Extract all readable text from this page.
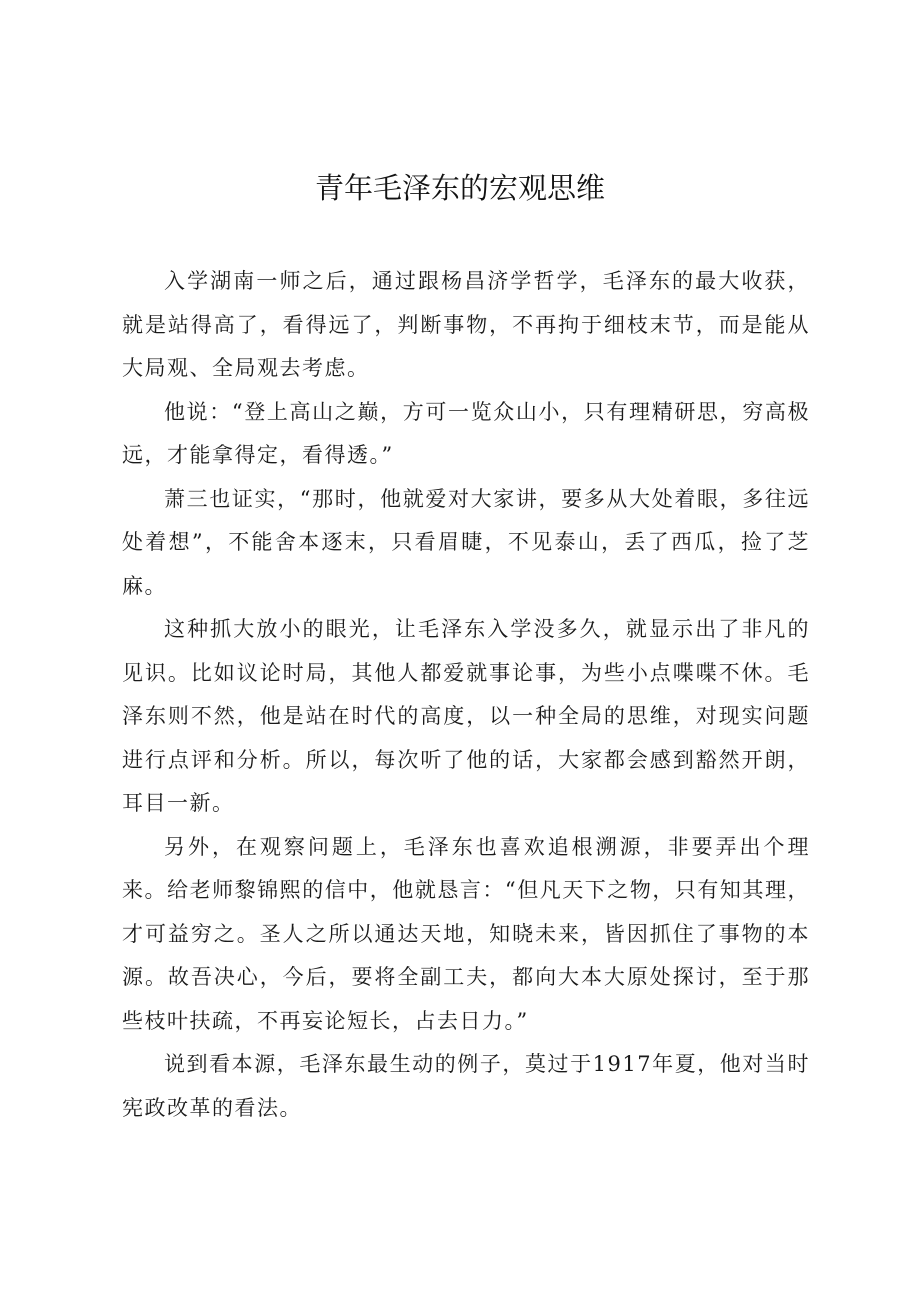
青年毛泽东的宏观思维

入学湖南一师之后，通过跟杨昌济学哲学，毛泽东的最大收获，就是站得高了，看得远了，判断事物，不再拘于细枝末节，而是能从大局观、全局观去考虑。

他说：“登上高山之巅，方可一览众山小，只有理精研思，穷高极远，才能拿得定，看得透。”

萧三也证实，“那时，他就爱对大家讲，要多从大处着眼，多往远处着想”，不能舍本逐末，只看眉睫，不见泰山，丢了西瓜，捡了芝麻。

这种抓大放小的眼光，让毛泽东入学没多久，就显示出了非凡的见识。比如议论时局，其他人都爱就事论事，为些小点喋喋不休。毛泽东则不然，他是站在时代的高度，以一种全局的思维，对现实问题进行点评和分析。所以，每次听了他的话，大家都会感到豁然开朗，耳目一新。

另外，在观察问题上，毛泽东也喜欢追根溯源，非要弄出个理来。给老师黎锦熙的信中，他就恳言：“但凡天下之物，只有知其理，才可益穷之。圣人之所以通达天地，知晓未来，皆因抓住了事物的本源。故吾决心，今后，要将全副工夫，都向大本大原处探讨，至于那些枝叶扶疏，不再妄论短长，占去日力。”

说到看本源，毛泽东最生动的例子，莫过于1917年夏，他对当时宪政改革的看法。
